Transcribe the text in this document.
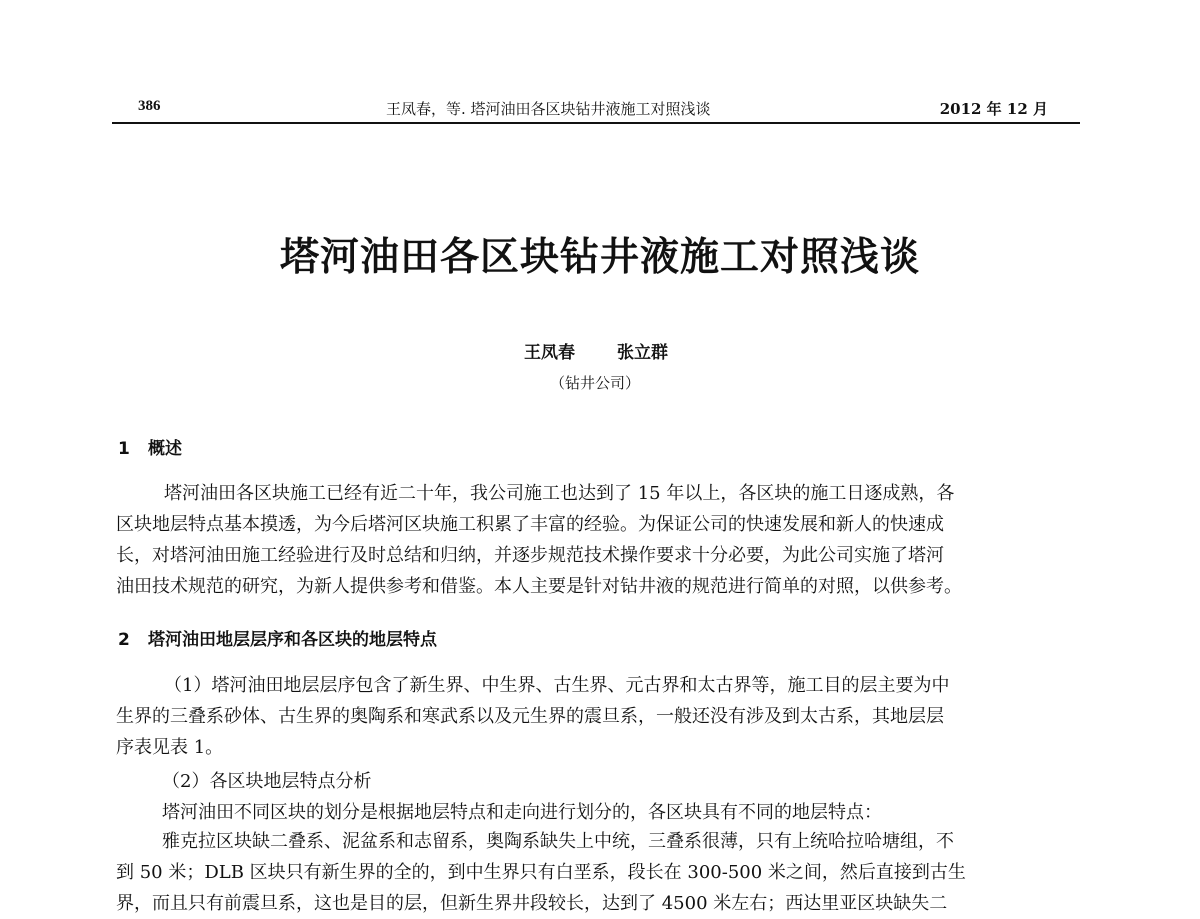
386	王凤春，等. 塔河油田各区块钻井液施工对照浅谈	2012 年 12 月
塔河油田各区块钻井液施工对照浅谈
王凤春 张立群
（钻井公司）
1 概述
塔河油田各区块施工已经有近二十年，我公司施工也达到了 15 年以上，各区块的施工日逐成熟，各
区块地层特点基本摸透，为今后塔河区块施工积累了丰富的经验。为保证公司的快速发展和新人的快速成
长，对塔河油田施工经验进行及时总结和归纳，并逐步规范技术操作要求十分必要，为此公司实施了塔河
油田技术规范的研究，为新人提供参考和借鉴。本人主要是针对钻井液的规范进行简单的对照，以供参考。
2 塔河油田地层层序和各区块的地层特点
（1）塔河油田地层层序包含了新生界、中生界、古生界、元古界和太古界等，施工目的层主要为中
生界的三叠系砂体、古生界的奥陶系和寒武系以及元生界的震旦系，一般还没有涉及到太古系，其地层层
序表见表 1。
（2）各区块地层特点分析
塔河油田不同区块的划分是根据地层特点和走向进行划分的，各区块具有不同的地层特点：
雅克拉区块缺二叠系、泥盆系和志留系，奥陶系缺失上中统，三叠系很薄，只有上统哈拉哈塘组，不
到 50 米；DLB 区块只有新生界的全的，到中生界只有白垩系，段长在 300-500 米之间，然后直接到古生
界，而且只有前震旦系，这也是目的层，但新生界井段较长，达到了 4500 米左右；西达里亚区块缺失二
